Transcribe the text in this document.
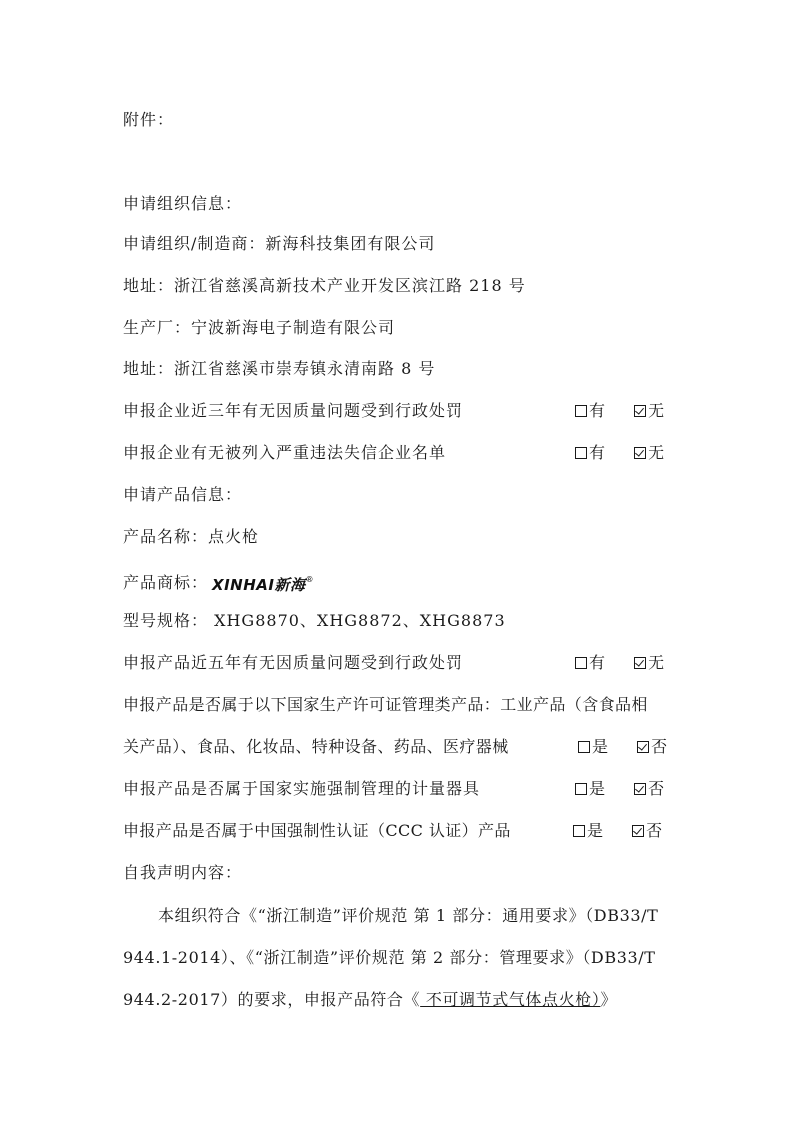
附件：
申请组织信息：
申请组织/制造商：新海科技集团有限公司
地址：浙江省慈溪高新技术产业开发区滨江路 218 号
生产厂：宁波新海电子制造有限公司
地址：浙江省慈溪市崇寿镇永清南路 8 号
申报企业近三年有无因质量问题受到行政处罚	有	无
申报企业有无被列入严重违法失信企业名单	有	无
申请产品信息：
产品名称：点火枪
产品商标： XINHAI新海®
型号规格： XHG8870、XHG8872、XHG8873
申报产品近五年有无因质量问题受到行政处罚	有	无
申报产品是否属于以下国家生产许可证管理类产品：工业产品（含食品相
关产品）、食品、化妆品、特种设备、药品、医疗器械	是	否
申报产品是否属于国家实施强制管理的计量器具	是	否
申报产品是否属于中国强制性认证（CCC 认证）产品	是	否
自我声明内容：
本组织符合《“浙江制造”评价规范 第 1 部分：通用要求》（DB33/T
944.1-2014）、《“浙江制造”评价规范 第 2 部分：管理要求》（DB33/T
944.2-2017）的要求，申报产品符合《 不可调节式气体点火枪）》
